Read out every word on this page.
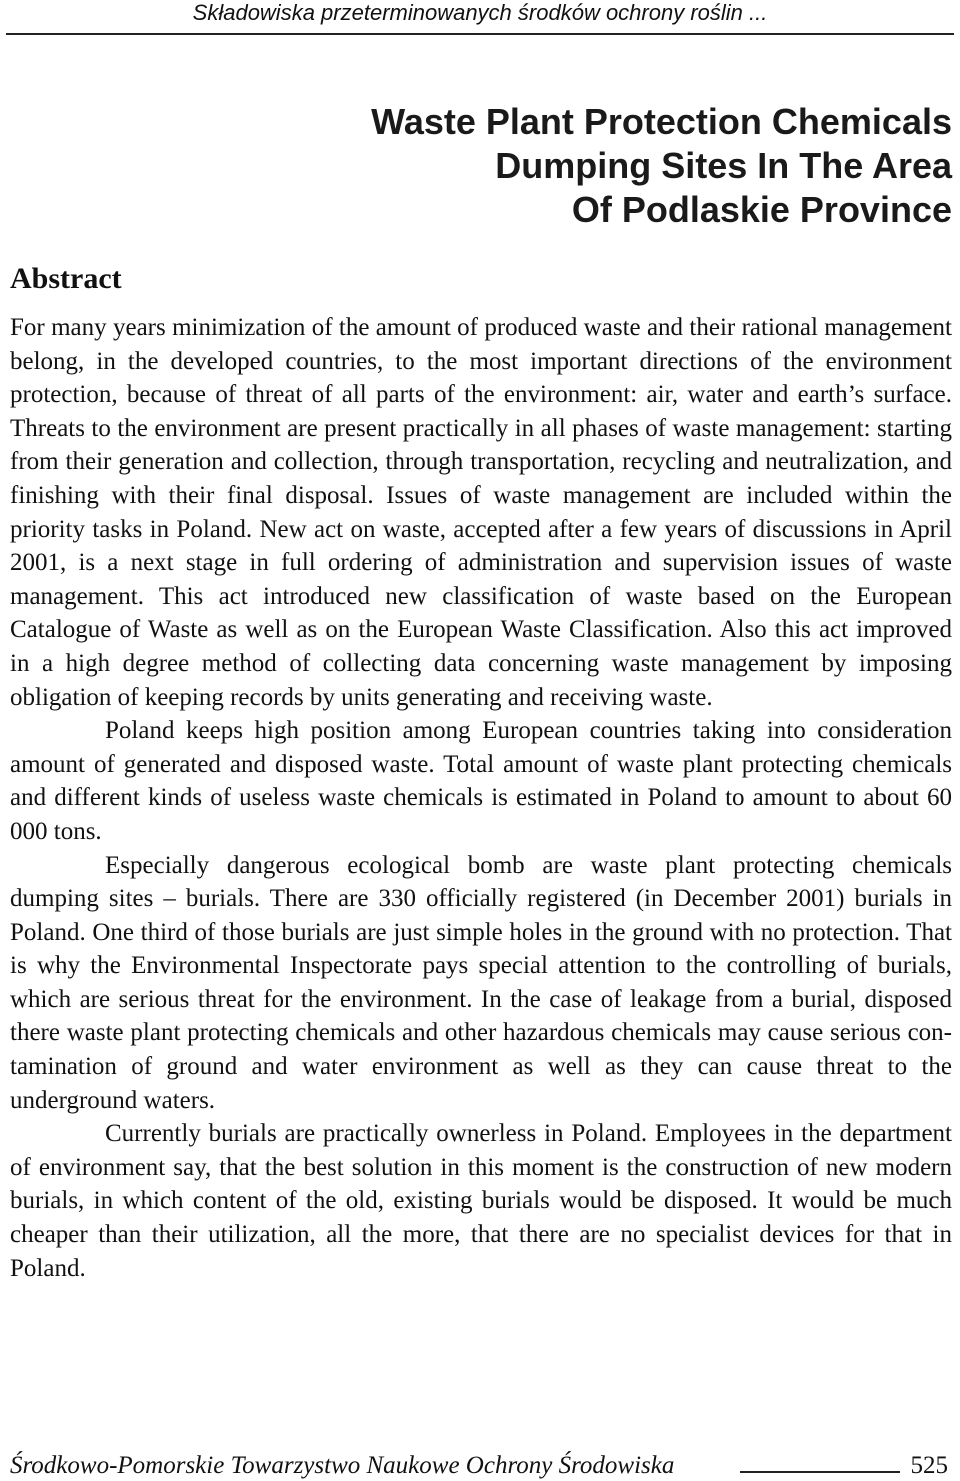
Składowiska przeterminowanych środków ochrony roślin ...
Waste Plant Protection Chemicals
Dumping Sites In The Area
Of Podlaskie Province
Abstract

For many years minimization of the amount of produced waste and their rational management belong, in the developed countries, to the most important directions of the environment protection, because of threat of all parts of the environment: air, water and earth’s surface. Threats to the environment are present practically in all phases of waste management: starting from their generation and collection, through transportation, recycling and neutralization, and finishing with their final disposal. Issues of waste management are included within the priority tasks in Poland. New act on waste, accepted after a few years of discussions in April 2001, is a next stage in full ordering of administration and supervision issues of waste management. This act introduced new classification of waste based on the European Catalogue of Waste as well as on the European Waste Classification. Also this act improved in a high degree method of collecting data concerning waste management by imposing obligation of keeping records by units generating and receiving waste.

Poland keeps high position among European countries taking into consideration amount of generated and disposed waste. Total amount of waste plant protecting chemicals and different kinds of useless waste chemicals is estimated in Poland to amount to about 60 000 tons.

Especially dangerous ecological bomb are waste plant protecting chemicals dumping sites – burials. There are 330 officially registered (in December 2001) burials in Poland. One third of those burials are just simple holes in the ground with no protection. That is why the Environmental Inspectorate pays special attention to the controlling of burials, which are serious threat for the environment. In the case of leakage from a burial, disposed there waste plant protecting chemicals and other hazardous chemicals may cause serious contamination of ground and water environment as well as they can cause threat to the underground waters.

Currently burials are practically ownerless in Poland. Employees in the department of environment say, that the best solution in this moment is the construction of new modern burials, in which content of the old, existing burials would be disposed. It would be much cheaper than their utilization, all the more, that there are no specialist devices for that in Poland.

Środkowo-Pomorskie Towarzystwo Naukowe Ochrony Środowiska	525
